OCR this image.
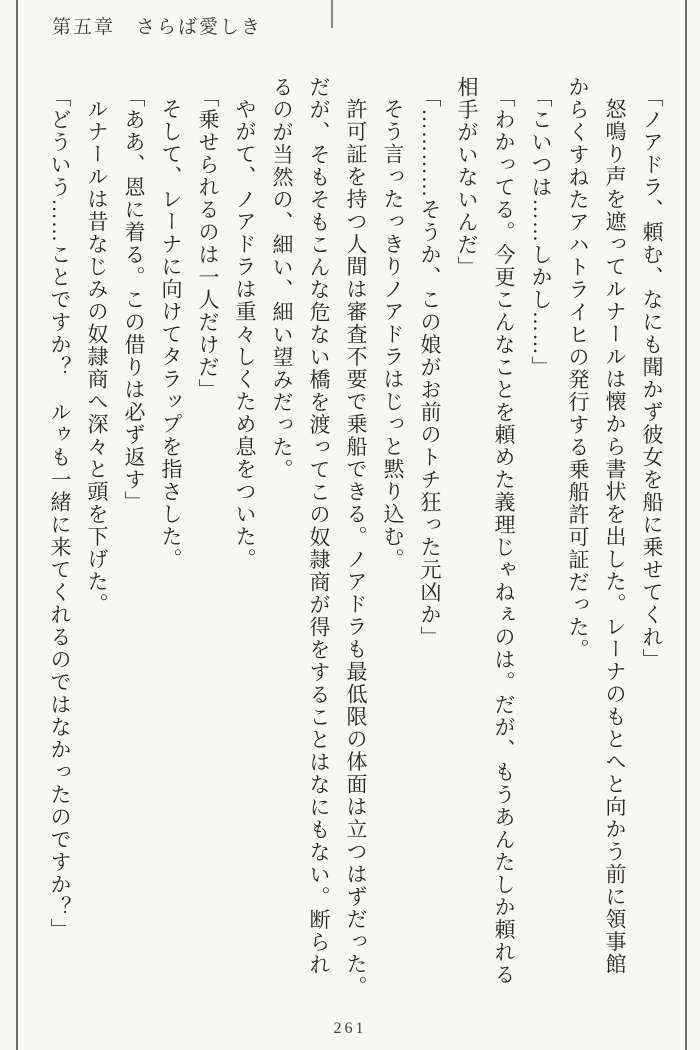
第五章　さらば愛しき

「ノアドラ、頼む、なにも聞かず彼女を船に乗せてくれ」

怒鳴り声を遮ってルナールは懐から書状を出した。レーナのもとへと向かう前に領事館

からくすねたアハトライヒの発行する乗船許可証だった。

「こいつは……しかし……」

「わかってる。今更こんなことを頼めた義理じゃねぇのは。だが、もうあんたしか頼れる

相手がいないんだ」

「…………そうか、この娘がお前のトチ狂った元凶か」

そう言ったっきりノアドラはじっと黙り込む。

許可証を持つ人間は審査不要で乗船できる。ノアドラも最低限の体面は立つはずだった。

だが、そもそもこんな危ない橋を渡ってこの奴隷商が得をすることはなにもない。断られ

るのが当然の、細い、細い望みだった。

やがて、ノアドラは重々しくため息をついた。

「乗せられるのは一人だけだ」

そして、レーナに向けてタラップを指さした。

「ああ、恩に着る。この借りは必ず返す」

ルナールは昔なじみの奴隷商へ深々と頭を下げた。

「どういう……ことですか？　ルゥも一緒に来てくれるのではなかったのですか？」

261
